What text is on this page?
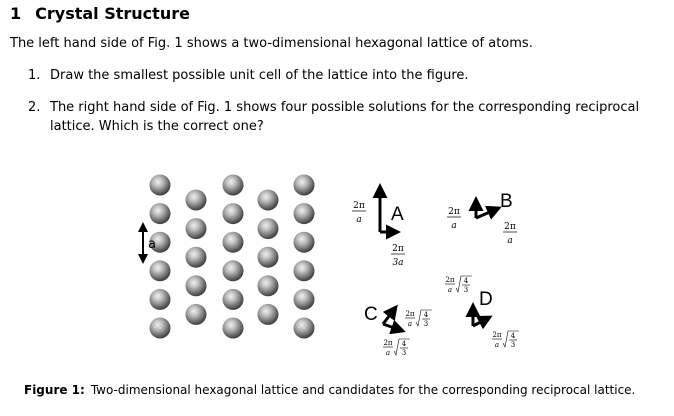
1 Crystal Structure
The left hand side of Fig. 1 shows a two-dimensional hexagonal lattice of atoms.
1. Draw the smallest possible unit cell of the lattice into the figure.
2. The right hand side of Fig. 1 shows four possible solutions for the corresponding reciprocal
lattice. Which is the correct one?
a
A
2π
a
2π
3a
B
2π
a	2π
a
D
2π
a
4
3
2π
a
4
3
C	2π
a
4
3
2π
a
4
3
Figure 1: Two-dimensional hexagonal lattice and candidates for the corresponding reciprocal lattice.
